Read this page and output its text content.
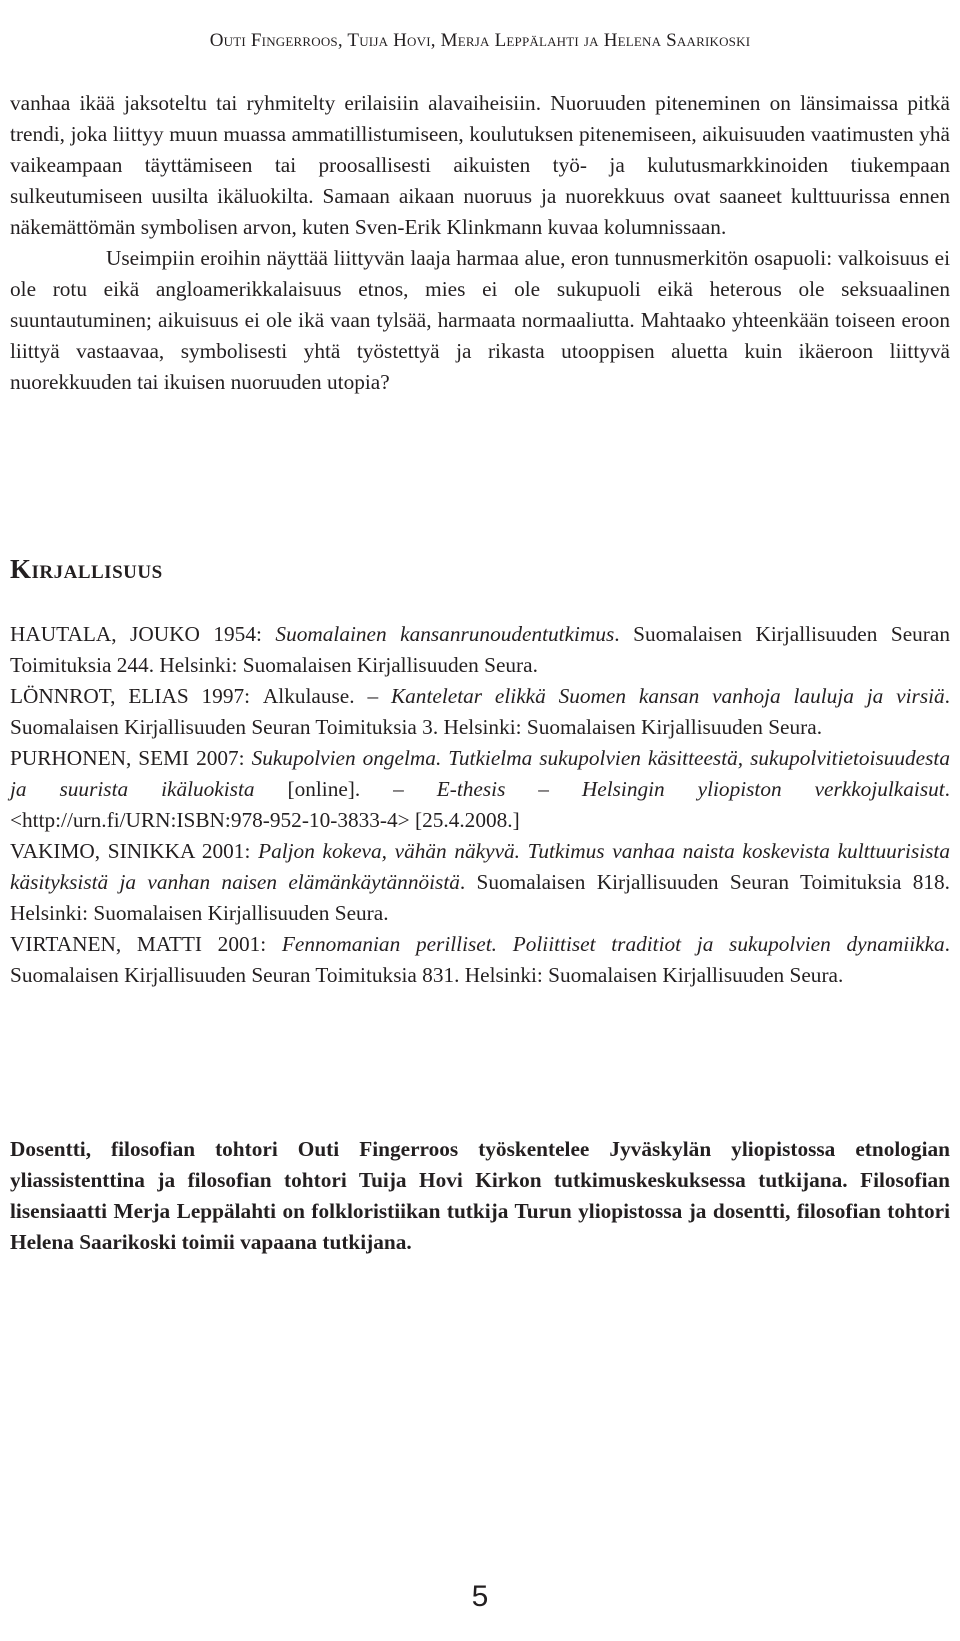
Outi Fingerroos, Tuija Hovi, Merja Leppälahti ja Helena Saarikoski

vanhaa ikää jaksoteltu tai ryhmitelty erilaisiin alavaiheisiin. Nuoruuden piteneminen on länsimaissa pitkä trendi, joka liittyy muun muassa ammatillistumiseen, koulutuksen pitenemiseen, aikuisuuden vaatimusten yhä vaikeampaan täyttämiseen tai proosallisesti aikuisten työ- ja kulutusmarkkinoiden tiukempaan sulkeutumiseen uusilta ikäluokilta. Samaan aikaan nuoruus ja nuorekkuus ovat saaneet kulttuurissa ennen näkemättömän symbolisen arvon, kuten Sven-Erik Klinkmann kuvaa kolumnissaan.

Useimpiin eroihin näyttää liittyvän laaja harmaa alue, eron tunnusmerkitön osapuoli: valkoisuus ei ole rotu eikä angloamerikkalaisuus etnos, mies ei ole sukupuoli eikä heterous ole seksuaalinen suuntautuminen; aikuisuus ei ole ikä vaan tylsää, harmaata normaaliutta. Mahtaako yhteenkään toiseen eroon liittyä vastaavaa, symbolisesti yhtä työstettyä ja rikasta utooppisen aluetta kuin ikäeroon liittyvä nuorekkuuden tai ikuisen nuoruuden utopia?

Kirjallisuus

HAUTALA, JOUKO 1954: Suomalainen kansanrunoudentutkimus. Suomalaisen Kirjallisuuden Seuran Toimituksia 244. Helsinki: Suomalaisen Kirjallisuuden Seura.

LÖNNROT, ELIAS 1997: Alkulause. – Kanteletar elikkä Suomen kansan vanhoja lauluja ja virsiä. Suomalaisen Kirjallisuuden Seuran Toimituksia 3. Helsinki: Suomalaisen Kirjallisuuden Seura.

PURHONEN, SEMI 2007: Sukupolvien ongelma. Tutkielma sukupolvien käsitteestä, sukupolvitietoisuudesta ja suurista ikäluokista [online]. – E-thesis – Helsingin yliopiston verkkojulkaisut. <http://urn.fi/URN:ISBN:978-952-10-3833-4> [25.4.2008.]

VAKIMO, SINIKKA 2001: Paljon kokeva, vähän näkyvä. Tutkimus vanhaa naista koskevista kulttuurisista käsityksistä ja vanhan naisen elämänkäytännöistä. Suomalaisen Kirjallisuuden Seuran Toimituksia 818. Helsinki: Suomalaisen Kirjallisuuden Seura.

VIRTANEN, MATTI 2001: Fennomanian perilliset. Poliittiset traditiot ja sukupolvien dynamiikka. Suomalaisen Kirjallisuuden Seuran Toimituksia 831. Helsinki: Suomalaisen Kirjallisuuden Seura.

Dosentti, filosofian tohtori Outi Fingerroos työskentelee Jyväskylän yliopistossa etnologian yliassistenttina ja filosofian tohtori Tuija Hovi Kirkon tutkimuskeskuksessa tutkijana. Filosofian lisensiaatti Merja Leppälahti on folkloristiikan tutkija Turun yliopistossa ja dosentti, filosofian tohtori Helena Saarikoski toimii vapaana tutkijana.

5
